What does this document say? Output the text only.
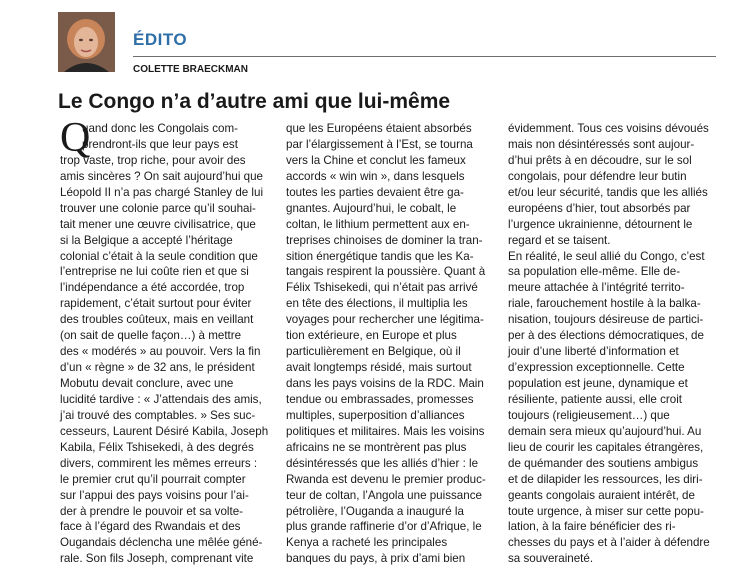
ÉDITO
COLETTE BRAECKMAN
Le Congo n’a d’autre ami que lui-même
Q
uand donc les Congolais com-
prendront-ils que leur pays est
trop vaste, trop riche, pour avoir des
amis sincères ? On sait aujourd’hui que
Léopold II n’a pas chargé Stanley de lui
trouver une colonie parce qu’il souhai-
tait mener une œuvre civilisatrice, que
si la Belgique a accepté l’héritage
colonial c’était à la seule condition que
l’entreprise ne lui coûte rien et que si
l’indépendance a été accordée, trop
rapidement, c’était surtout pour éviter
des troubles coûteux, mais en veillant
(on sait de quelle façon…) à mettre
des « modérés » au pouvoir. Vers la fin
d’un « règne » de 32 ans, le président
Mobutu devait conclure, avec une
lucidité tardive : « J’attendais des amis,
j’ai trouvé des comptables. » Ses suc-
cesseurs, Laurent Désiré Kabila, Joseph
Kabila, Félix Tshisekedi, à des degrés
divers, commirent les mêmes erreurs :
le premier crut qu’il pourrait compter
sur l’appui des pays voisins pour l’ai-
der à prendre le pouvoir et sa volte-
face à l’égard des Rwandais et des
Ougandais déclencha une mêlée géné-
rale. Son fils Joseph, comprenant vite
que les Européens étaient absorbés
par l’élargissement à l’Est, se tourna
vers la Chine et conclut les fameux
accords « win win », dans lesquels
toutes les parties devaient être ga-
gnantes. Aujourd’hui, le cobalt, le
coltan, le lithium permettent aux en-
treprises chinoises de dominer la tran-
sition énergétique tandis que les Ka-
tangais respirent la poussière. Quant à
Félix Tshisekedi, qui n’était pas arrivé
en tête des élections, il multiplia les
voyages pour rechercher une légitima-
tion extérieure, en Europe et plus
particulièrement en Belgique, où il
avait longtemps résidé, mais surtout
dans les pays voisins de la RDC. Main
tendue ou embrassades, promesses
multiples, superposition d’alliances
politiques et militaires. Mais les voisins
africains ne se montrèrent pas plus
désintéressés que les alliés d’hier : le
Rwanda est devenu le premier produc-
teur de coltan, l’Angola une puissance
pétrolière, l’Ouganda a inauguré la
plus grande raffinerie d’or d’Afrique, le
Kenya a racheté les principales
banques du pays, à prix d’ami bien
évidemment. Tous ces voisins dévoués
mais non désintéressés sont aujour-
d’hui prêts à en découdre, sur le sol
congolais, pour défendre leur butin
et/ou leur sécurité, tandis que les alliés
européens d’hier, tout absorbés par
l’urgence ukrainienne, détournent le
regard et se taisent.
En réalité, le seul allié du Congo, c’est
sa population elle-même. Elle de-
meure attachée à l’intégrité territo-
riale, farouchement hostile à la balka-
nisation, toujours désireuse de partici-
per à des élections démocratiques, de
jouir d’une liberté d’information et
d’expression exceptionnelle. Cette
population est jeune, dynamique et
résiliente, patiente aussi, elle croit
toujours (religieusement…) que
demain sera mieux qu’aujourd’hui. Au
lieu de courir les capitales étrangères,
de quémander des soutiens ambigus
et de dilapider les ressources, les diri-
geants congolais auraient intérêt, de
toute urgence, à miser sur cette popu-
lation, à la faire bénéficier des ri-
chesses du pays et à l’aider à défendre
sa souveraineté.
